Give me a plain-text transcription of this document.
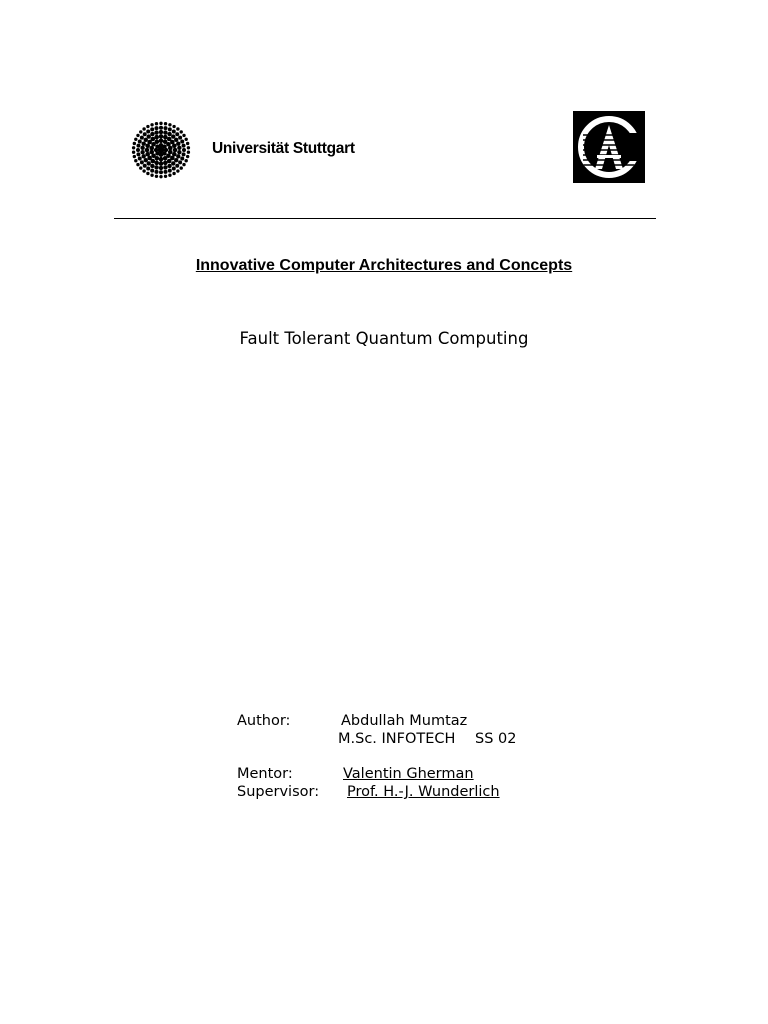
Universität Stuttgart
Innovative Computer Architectures and Concepts
Fault Tolerant Quantum Computing
Author:	Abdullah Mumtaz
M.Sc. INFOTECH SS 02
Mentor:	Valentin Gherman
Supervisor: Prof. H.-J. Wunderlich
